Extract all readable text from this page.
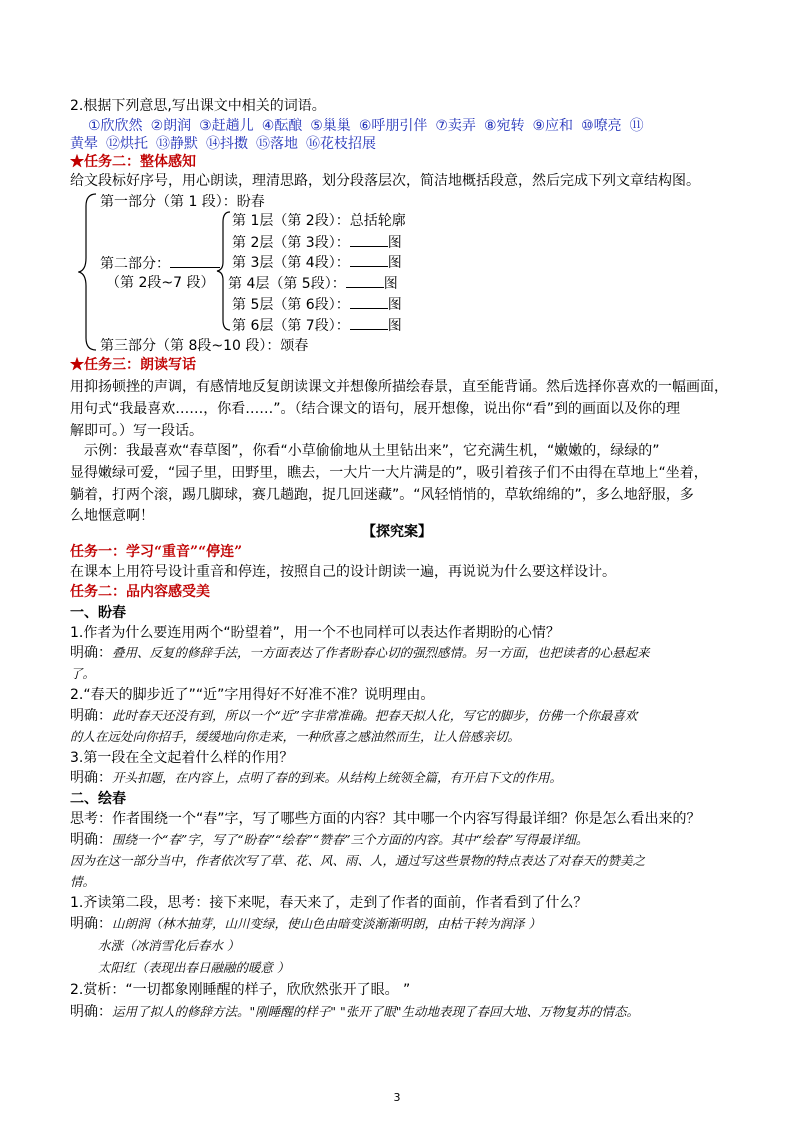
2.根据下列意思,写出课文中相关的词语。
①欣欣然 ②朗润 ③赶趟儿 ④酝酿 ⑤巢巢 ⑥呼朋引伴 ⑦卖弄 ⑧宛转 ⑨应和 ⑩嘹亮 ⑪
黄晕 ⑫烘托 ⑬静默 ⑭抖擞 ⑮落地 ⑯花枝招展
★任务二：整体感知
给文段标好序号，用心朗读，理清思路，划分段落层次，简洁地概括段意，然后完成下列文章结构图。
第一部分（第 1 段）：盼春
第二部分：
（第 2段~7 段）
第 1层（第 2段）：总括轮廓
第 2层（第 3段）：	图
第 3层（第 4段）：	图
第 4层（第 5段）：	图
第 5层（第 6段）：	图
第 6层（第 7段）：	图
第三部分（第 8段~10 段）：颂春
★任务三：朗读写话
用抑扬顿挫的声调，有感情地反复朗读课文并想像所描绘春景，直至能背诵。然后选择你喜欢的一幅画面，
用句式“我最喜欢……，你看……”。（结合课文的语句，展开想像，说出你“看”到的画面以及你的理
解即可。）写一段话。
　示例：我最喜欢“春草图”，你看“小草偷偷地从土里钻出来”，它充满生机，“嫩嫩的，绿绿的”
显得嫩绿可爱，“园子里，田野里，瞧去，一大片一大片满是的”，吸引着孩子们不由得在草地上“坐着，
躺着，打两个滚，踢几脚球，赛几趟跑，捉几回迷藏”。“风轻悄悄的，草软绵绵的”，多么地舒服，多
么地惬意啊！
【探究案】
任务一：学习“重音”“停连”
在课本上用符号设计重音和停连，按照自己的设计朗读一遍，再说说为什么要这样设计。
任务二：品内容感受美
一、盼春
1.作者为什么要连用两个“盼望着”，用一个不也同样可以表达作者期盼的心情？
明确：叠用、反复的修辞手法，一方面表达了作者盼春心切的强烈感情。另一方面，也把读者的心悬起来
了。
2.“春天的脚步近了”“近”字用得好不好准不准？说明理由。
明确：此时春天还没有到，所以一个“近”字非常准确。把春天拟人化，写它的脚步，仿佛一个你最喜欢
的人在远处向你招手，缓缓地向你走来，一种欣喜之感油然而生，让人倍感亲切。
3.第一段在全文起着什么样的作用？
明确：开头扣题，在内容上，点明了春的到来。从结构上统领全篇，有开启下文的作用。
二、绘春
思考：作者围绕一个“春”字，写了哪些方面的内容？其中哪一个内容写得最详细？你是怎么看出来的？
明确：围绕一个“春”字，写了“盼春”“绘春”“赞春”三个方面的内容。其中“绘春”写得最详细。
因为在这一部分当中，作者依次写了草、花、风、雨、人，通过写这些景物的特点表达了对春天的赞美之
情。
1.齐读第二段，思考：接下来呢，春天来了，走到了作者的面前，作者看到了什么？
明确：山朗润（林木抽芽，山川变绿，使山色由暗变淡渐渐明朗，由枯干转为润泽 ）
水涨（冰消雪化后春水 ）
太阳红（表现出春日融融的暖意 ）
2.赏析：“一切都象刚睡醒的样子，欣欣然张开了眼。 ”
明确：运用了拟人的修辞方法。"刚睡醒的样子" "张开了眼"生动地表现了春回大地、万物复苏的情态。
3
